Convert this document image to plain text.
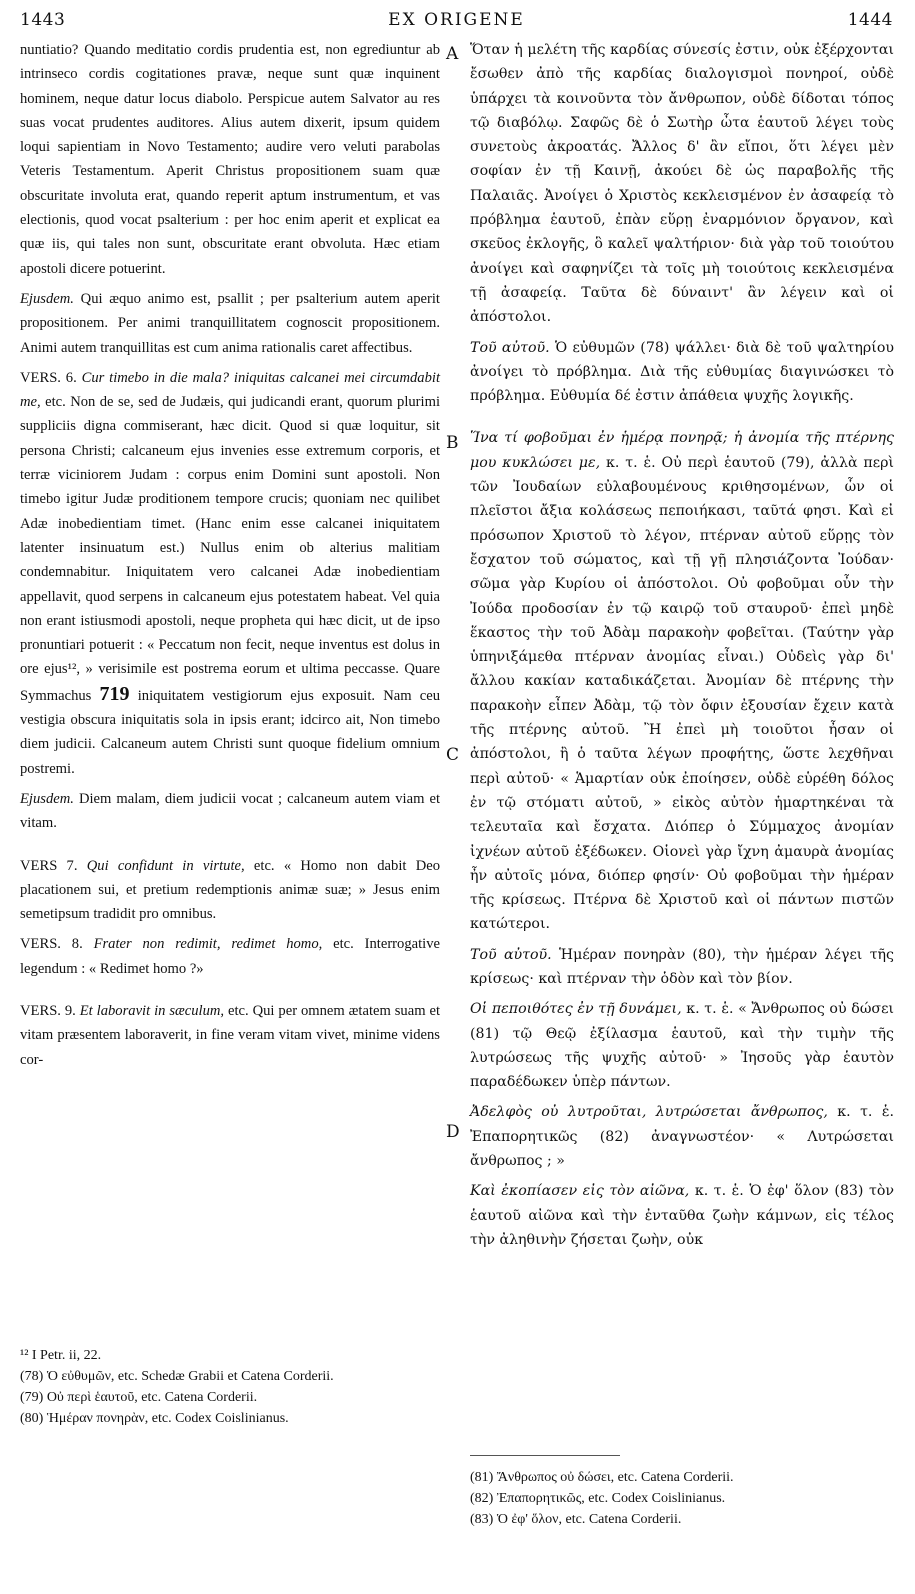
1443	EX ORIGENE	1444
A
B
C
D

nuntiatio? Quando meditatio cordis prudentia est, non egrediuntur ab intrinseco cordis cogitationes pravæ, neque sunt quæ inquinent hominem, neque datur locus diabolo. Perspicue autem Salvator au res suas vocat prudentes auditores. Alius autem dixerit, ipsum quidem loqui sapientiam in Novo Testamento; audire vero veluti parabolas Veteris Testamentum. Aperit Christus propositionem suam quæ obscuritate involuta erat, quando reperit aptum instrumentum, et vas electionis, quod vocat psalterium : per hoc enim aperit et explicat ea quæ iis, qui tales non sunt, obscuritate erant obvoluta. Hæc etiam apostoli dicere potuerint.

Ejusdem. Qui æquo animo est, psallit ; per psalterium autem aperit propositionem. Per animi tranquillitatem cognoscit propositionem. Animi autem tranquillitas est cum anima rationalis caret affectibus.

VERS. 6. Cur timebo in die mala? iniquitas calcanei mei circumdabit me, etc. Non de se, sed de Judæis, qui judicandi erant, quorum plurimi suppliciis digna commiserant, hæc dicit. Quod si quæ loquitur, sit persona Christi; calcaneum ejus invenies esse extremum corporis, et terræ viciniorem Judam : corpus enim Domini sunt apostoli. Non timebo igitur Judæ proditionem tempore crucis; quoniam nec quilibet Adæ inobedientiam timet. (Hanc enim esse calcanei iniquitatem latenter insinuatum est.) Nullus enim ob alterius malitiam condemnabitur. Iniquitatem vero calcanei Adæ inobedientiam appellavit, quod serpens in calcaneum ejus potestatem habeat. Vel quia non erant istiusmodi apostoli, neque propheta qui hæc dicit, ut de ipso pronuntiari potuerit : « Peccatum non fecit, neque inventus est dolus in ore ejus¹², » verisimile est postrema eorum et ultima peccasse. Quare Symmachus 719 iniquitatem vestigiorum ejus exposuit. Nam ceu vestigia obscura iniquitatis sola in ipsis erant; idcirco ait, Non timebo diem judicii. Calcaneum autem Christi sunt quoque fidelium omnium postremi.

Ejusdem. Diem malam, diem judicii vocat ; calcaneum autem viam et vitam.

VERS 7. Qui confidunt in virtute, etc. « Homo non dabit Deo placationem sui, et pretium redemptionis animæ suæ; » Jesus enim semetipsum tradidit pro omnibus.

VERS. 8. Frater non redimit, redimet homo, etc. Interrogative legendum : « Redimet homo ?»

VERS. 9. Et laboravit in sæculum, etc. Qui per omnem ætatem suam et vitam præsentem laboraverit, in fine veram vitam vivet, minime videns cor-

Ὅταν ἡ μελέτη τῆς καρδίας σύνεσίς ἐστιν, οὐκ ἐξέρχονται ἔσωθεν ἀπὸ τῆς καρδίας διαλογισμοὶ πονηροί, οὐδὲ ὑπάρχει τὰ κοινοῦντα τὸν ἄνθρωπον, οὐδὲ δίδοται τόπος τῷ διαβόλῳ. Σαφῶς δὲ ὁ Σωτὴρ ὦτα ἑαυτοῦ λέγει τοὺς συνετοὺς ἀκροατάς. Ἄλλος δ' ἂν εἴποι, ὅτι λέγει μὲν σοφίαν ἐν τῇ Καινῇ, ἀκούει δὲ ὡς παραβολῆς τῆς Παλαιᾶς. Ἀνοίγει ὁ Χριστὸς κεκλεισμένον ἐν ἀσαφείᾳ τὸ πρόβλημα ἑαυτοῦ, ἐπὰν εὕρῃ ἐναρμόνιον ὄργανον, καὶ σκεῦος ἐκλογῆς, ὃ καλεῖ ψαλτήριον· διὰ γὰρ τοῦ τοιούτου ἀνοίγει καὶ σαφηνίζει τὰ τοῖς μὴ τοιούτοις κεκλεισμένα τῇ ἀσαφείᾳ. Ταῦτα δὲ δύναιντ' ἂν λέγειν καὶ οἱ ἀπόστολοι.

Τοῦ αὐτοῦ. Ὁ εὐθυμῶν (78) ψάλλει· διὰ δὲ τοῦ ψαλτηρίου ἀνοίγει τὸ πρόβλημα. Διὰ τῆς εὐθυμίας διαγινώσκει τὸ πρόβλημα. Εὐθυμία δέ ἐστιν ἀπάθεια ψυχῆς λογικῆς.

Ἵνα τί φοβοῦμαι ἐν ἡμέρᾳ πονηρᾷ; ἡ ἀνομία τῆς πτέρνης μου κυκλώσει με, κ. τ. ἑ. Οὐ περὶ ἑαυτοῦ (79), ἀλλὰ περὶ τῶν Ἰουδαίων εὐλαβουμένους κριθησομένων, ὧν οἱ πλεῖστοι ἄξια κολάσεως πεποιήκασι, ταῦτά φησι. Καὶ εἰ πρόσωπον Χριστοῦ τὸ λέγον, πτέρναν αὐτοῦ εὕρῃς τὸν ἔσχατον τοῦ σώματος, καὶ τῇ γῇ πλησιάζοντα Ἰούδαν· σῶμα γὰρ Κυρίου οἱ ἀπόστολοι. Οὐ φοβοῦμαι οὖν τὴν Ἰούδα προδοσίαν ἐν τῷ καιρῷ τοῦ σταυροῦ· ἐπεὶ μηδὲ ἕκαστος τὴν τοῦ Ἀδὰμ παρακοὴν φοβεῖται. (Ταύτην γὰρ ὑπηνιξάμεθα πτέρναν ἀνομίας εἶναι.) Οὐδεὶς γὰρ δι' ἄλλου κακίαν καταδικάζεται. Ἀνομίαν δὲ πτέρνης τὴν παρακοὴν εἶπεν Ἀδὰμ, τῷ τὸν ὄφιν ἐξουσίαν ἔχειν κατὰ τῆς πτέρνης αὐτοῦ. Ἢ ἐπεὶ μὴ τοιοῦτοι ἦσαν οἱ ἀπόστολοι, ἢ ὁ ταῦτα λέγων προφήτης, ὥστε λεχθῆναι περὶ αὐτοῦ· « Ἁμαρτίαν οὐκ ἐποίησεν, οὐδὲ εὑρέθη δόλος ἐν τῷ στόματι αὐτοῦ, » εἰκὸς αὐτὸν ἡμαρτηκέναι τὰ τελευταῖα καὶ ἔσχατα. Διόπερ ὁ Σύμμαχος ἀνομίαν ἰχνέων αὐτοῦ ἐξέδωκεν. Οἱονεὶ γὰρ ἴχνη ἀμαυρὰ ἀνομίας ἦν αὐτοῖς μόνα, διόπερ φησίν· Οὐ φοβοῦμαι τὴν ἡμέραν τῆς κρίσεως. Πτέρνα δὲ Χριστοῦ καὶ οἱ πάντων πιστῶν κατώτεροι.

Τοῦ αὐτοῦ. Ἡμέραν πονηρὰν (80), τὴν ἡμέραν λέγει τῆς κρίσεως· καὶ πτέρναν τὴν ὁδὸν καὶ τὸν βίον.

Οἱ πεποιθότες ἐν τῇ δυνάμει, κ. τ. ἑ. « Ἄνθρωπος οὐ δώσει (81) τῷ Θεῷ ἐξίλασμα ἑαυτοῦ, καὶ τὴν τιμὴν τῆς λυτρώσεως τῆς ψυχῆς αὐτοῦ· » Ἰησοῦς γὰρ ἑαυτὸν παραδέδωκεν ὑπὲρ πάντων.

Ἀδελφὸς οὐ λυτροῦται, λυτρώσεται ἄνθρωπος, κ. τ. ἑ. Ἐπαπορητικῶς (82) ἀναγνωστέον· « Λυτρώσεται ἄνθρωπος ; »

Καὶ ἐκοπίασεν εἰς τὸν αἰῶνα, κ. τ. ἑ. Ὁ ἐφ' ὅλον (83) τὸν ἑαυτοῦ αἰῶνα καὶ τὴν ἐνταῦθα ζωὴν κάμνων, εἰς τέλος τὴν ἀληθινὴν ζήσεται ζωὴν, οὐκ

¹² I Petr. ii, 22.

(78) Ὁ εὐθυμῶν, etc. Schedæ Grabii et Catena Corderii.

(79) Οὐ περὶ ἑαυτοῦ, etc. Catena Corderii.

(80) Ἡμέραν πονηρὰν, etc. Codex Coislinianus.

(81) Ἄνθρωπος οὐ δώσει, etc. Catena Corderii.

(82) Ἐπαπορητικῶς, etc. Codex Coislinianus.

(83) Ὁ ἐφ' ὅλον, etc. Catena Corderii.
